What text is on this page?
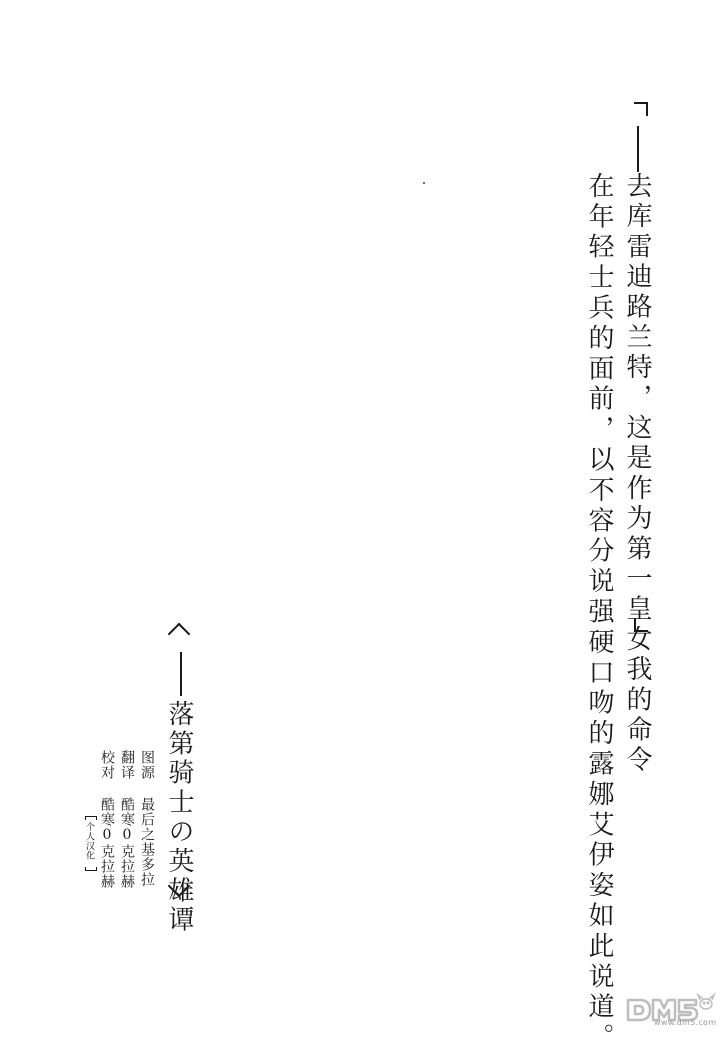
去库雷迪路兰特，这是作为第一皇女我的命令
在年轻士兵的面前，以不容分说强硬口吻的露娜艾伊姿如此说道。
落第骑士の英雄谭
图源 最后之基多拉
翻译 酷寒0克拉赫
校对 酷寒0克拉赫
个人汉化
www.dm5.com
